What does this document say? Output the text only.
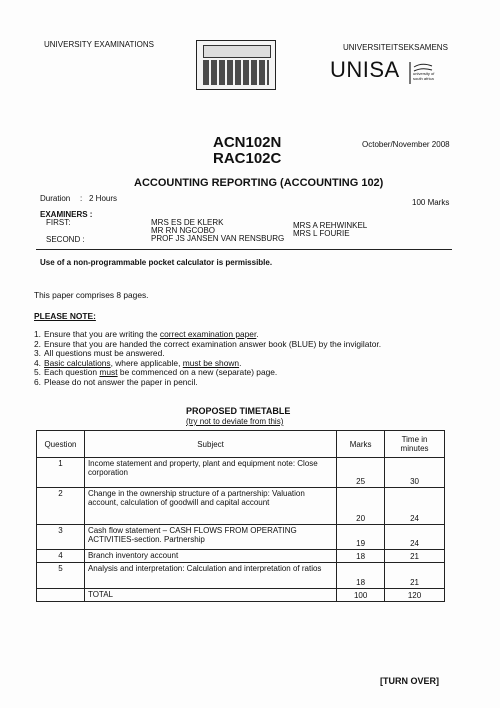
UNIVERSITY EXAMINATIONS	UNIVERSITEITSEKSAMENS
UNISA	university of south africa
ACN102N
RAC102C
October/November 2008
ACCOUNTING REPORTING (ACCOUNTING 102)
Duration : 2 Hours	100 Marks
EXAMINERS :
FIRST:	MRS ES DE KLERK
MR RN NGCOBO
MRS A REHWINKEL
MRS L FOURIE
SECOND :	PROF JS JANSEN VAN RENSBURG
Use of a non-programmable pocket calculator is permissible.
This paper comprises 8 pages.
PLEASE NOTE:
1. Ensure that you are writing the correct examination paper.
2. Ensure that you are handed the correct examination answer book (BLUE) by the invigilator.
3. All questions must be answered.
4. Basic calculations, where applicable, must be shown.
5. Each question must be commenced on a new (separate) page.
6. Please do not answer the paper in pencil.
PROPOSED TIMETABLE
(try not to deviate from this)
Question	Subject	Marks	Time in minutes
1	Income statement and property, plant and equipment note: Close corporation	25	30
2	Change in the ownership structure of a partnership: Valuation account, calculation of goodwill and capital account	20	24
3	Cash flow statement – CASH FLOWS FROM OPERATING ACTIVITIES-section. Partnership	19	24
4	Branch inventory account	18	21
5	Analysis and interpretation: Calculation and interpretation of ratios	18	21
	TOTAL	100	120
[TURN OVER]
